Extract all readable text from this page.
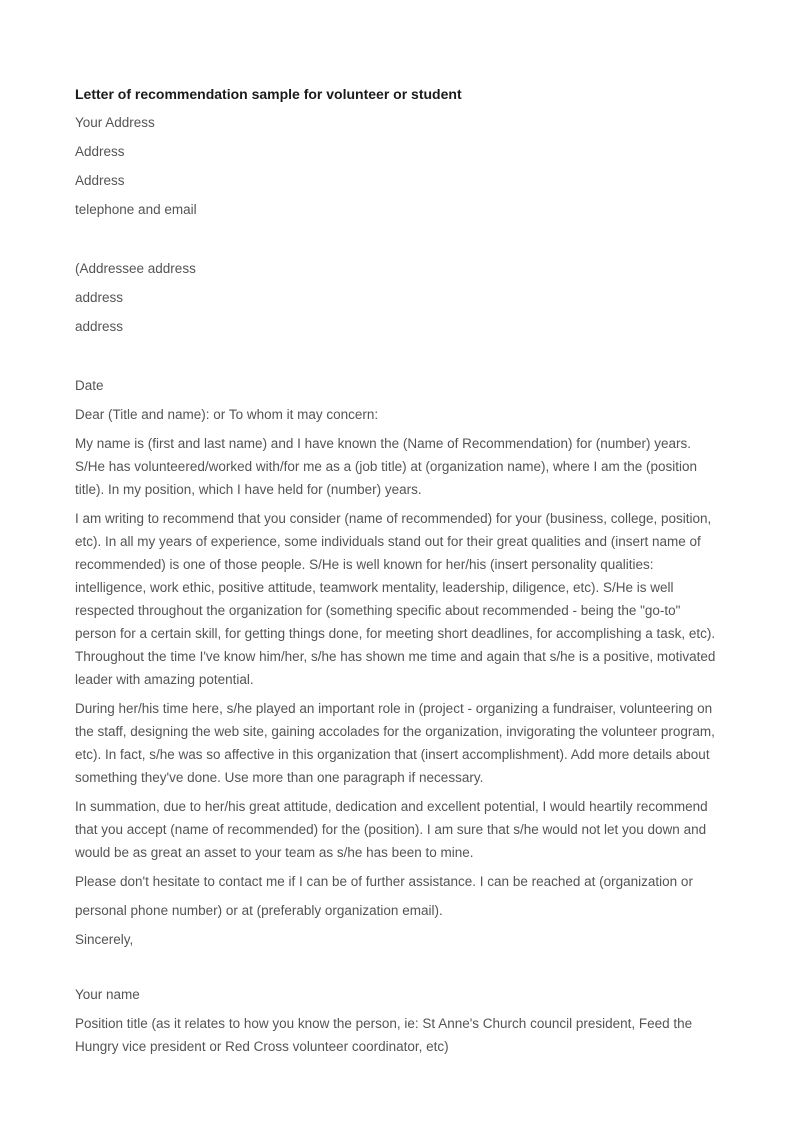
Letter of recommendation sample for volunteer or student

Your Address

Address

Address

telephone and email

(Addressee address

address

address

Date

Dear (Title and name): or To whom it may concern:

My name is (first and last name) and I have known the (Name of Recommendation) for (number) years. S/He has volunteered/worked with/for me as a (job title) at (organization name), where I am the (position title). In my position, which I have held for (number) years.

I am writing to recommend that you consider (name of recommended) for your (business, college, position, etc). In all my years of experience, some individuals stand out for their great qualities and (insert name of recommended) is one of those people. S/He is well known for her/his (insert personality qualities: intelligence, work ethic, positive attitude, teamwork mentality, leadership, diligence, etc). S/He is well respected throughout the organization for (something specific about recommended - being the "go-to" person for a certain skill, for getting things done, for meeting short deadlines, for accomplishing a task, etc). Throughout the time I've know him/her, s/he has shown me time and again that s/he is a positive, motivated leader with amazing potential.

During her/his time here, s/he played an important role in (project - organizing a fundraiser, volunteering on the staff, designing the web site, gaining accolades for the organization, invigorating the volunteer program, etc). In fact, s/he was so affective in this organization that (insert accomplishment). Add more details about something they've done. Use more than one paragraph if necessary.

In summation, due to her/his great attitude, dedication and excellent potential, I would heartily recommend that you accept (name of recommended) for the (position). I am sure that s/he would not let you down and would be as great an asset to your team as s/he has been to mine.

Please don't hesitate to contact me if I can be of further assistance. I can be reached at (organization or

personal phone number) or at (preferably organization email).

Sincerely,

Your name

Position title (as it relates to how you know the person, ie: St Anne's Church council president, Feed the Hungry vice president or Red Cross volunteer coordinator, etc)
